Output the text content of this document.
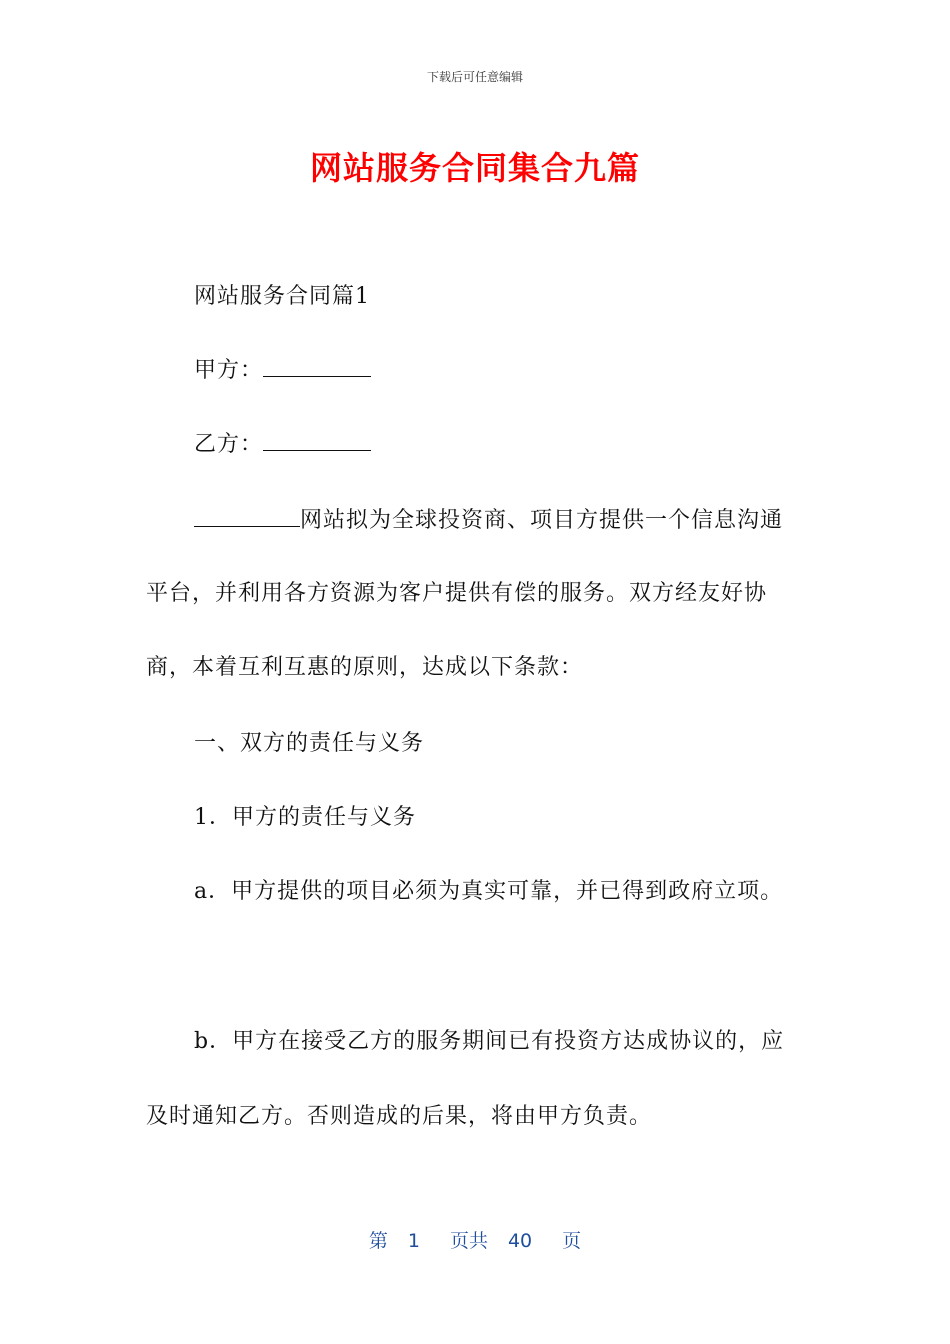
下载后可任意编辑
网站服务合同集合九篇
网站服务合同篇1
甲方：
乙方：
网站拟为全球投资商、项目方提供一个信息沟通
平台，并利用各方资源为客户提供有偿的服务。双方经友好协
商，本着互利互惠的原则，达成以下条款：
一、双方的责任与义务
1．甲方的责任与义务
a．甲方提供的项目必须为真实可靠，并已得到政府立项。
b．甲方在接受乙方的服务期间已有投资方达成协议的，应
及时通知乙方。否则造成的后果，将由甲方负责。
第 1 页共 40 页
